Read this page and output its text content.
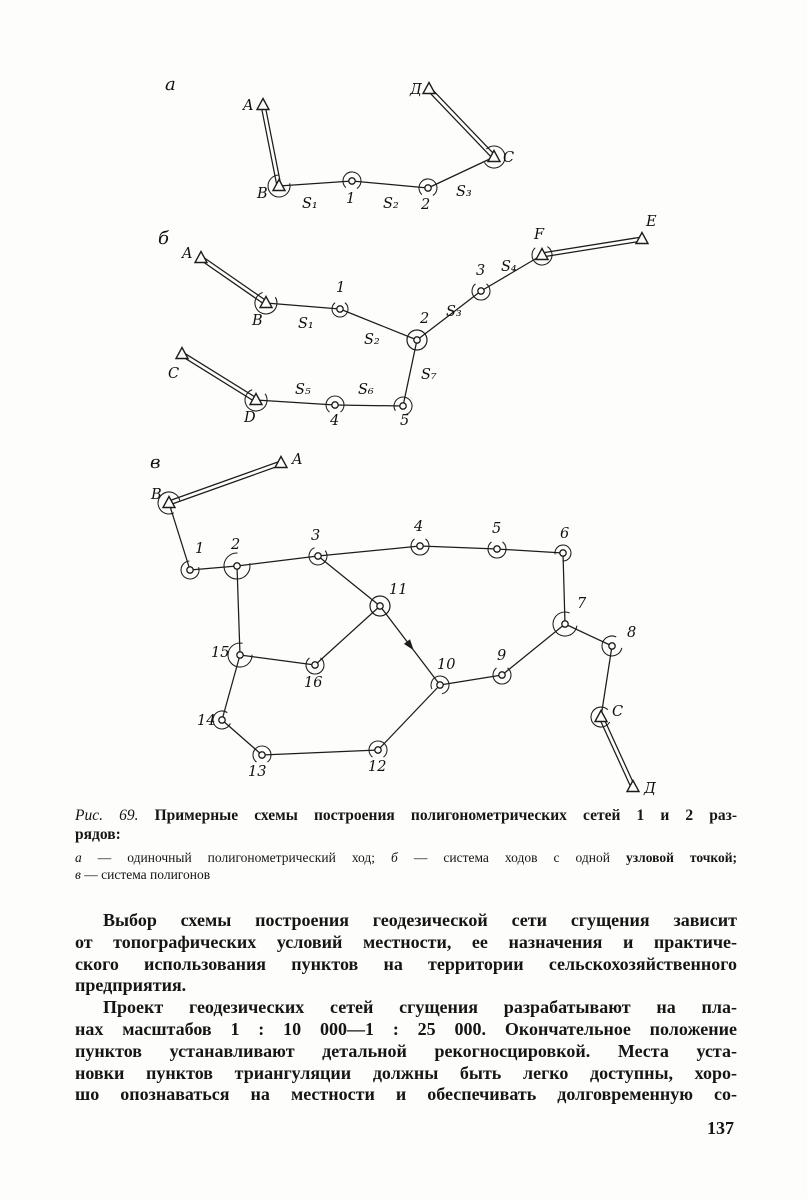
S₁	S₂
S₃
A
B	1	2
C
Д
а
S₁
S₂
S₃
S₄
S₅	S₆
S₇
A
B
1
2
3
F
E
C
D	4	5
б
A
B
1 2
3
4	5	6
7
8
C
Д
9
10
11
12
13
14
15
16
в
Рис. 69. Примерные схемы построения полигонометрических сетей 1 и 2 раз-
рядов:
а — одиночный полигонометрический ход; б — система ходов с одной узловой точкой;
в — система полигонов
Выбор схемы построения геодезической сети сгущения зависит
от топографических условий местности, ее назначения и практиче-
ского использования пунктов на территории сельскохозяйственного
предприятия.
Проект геодезических сетей сгущения разрабатывают на пла-
нах масштабов 1 : 10 000—1 : 25 000. Окончательное положение
пунктов устанавливают детальной рекогносцировкой. Места уста-
новки пунктов триангуляции должны быть легко доступны, хоро-
шо опознаваться на местности и обеспечивать долговременную со-
137
